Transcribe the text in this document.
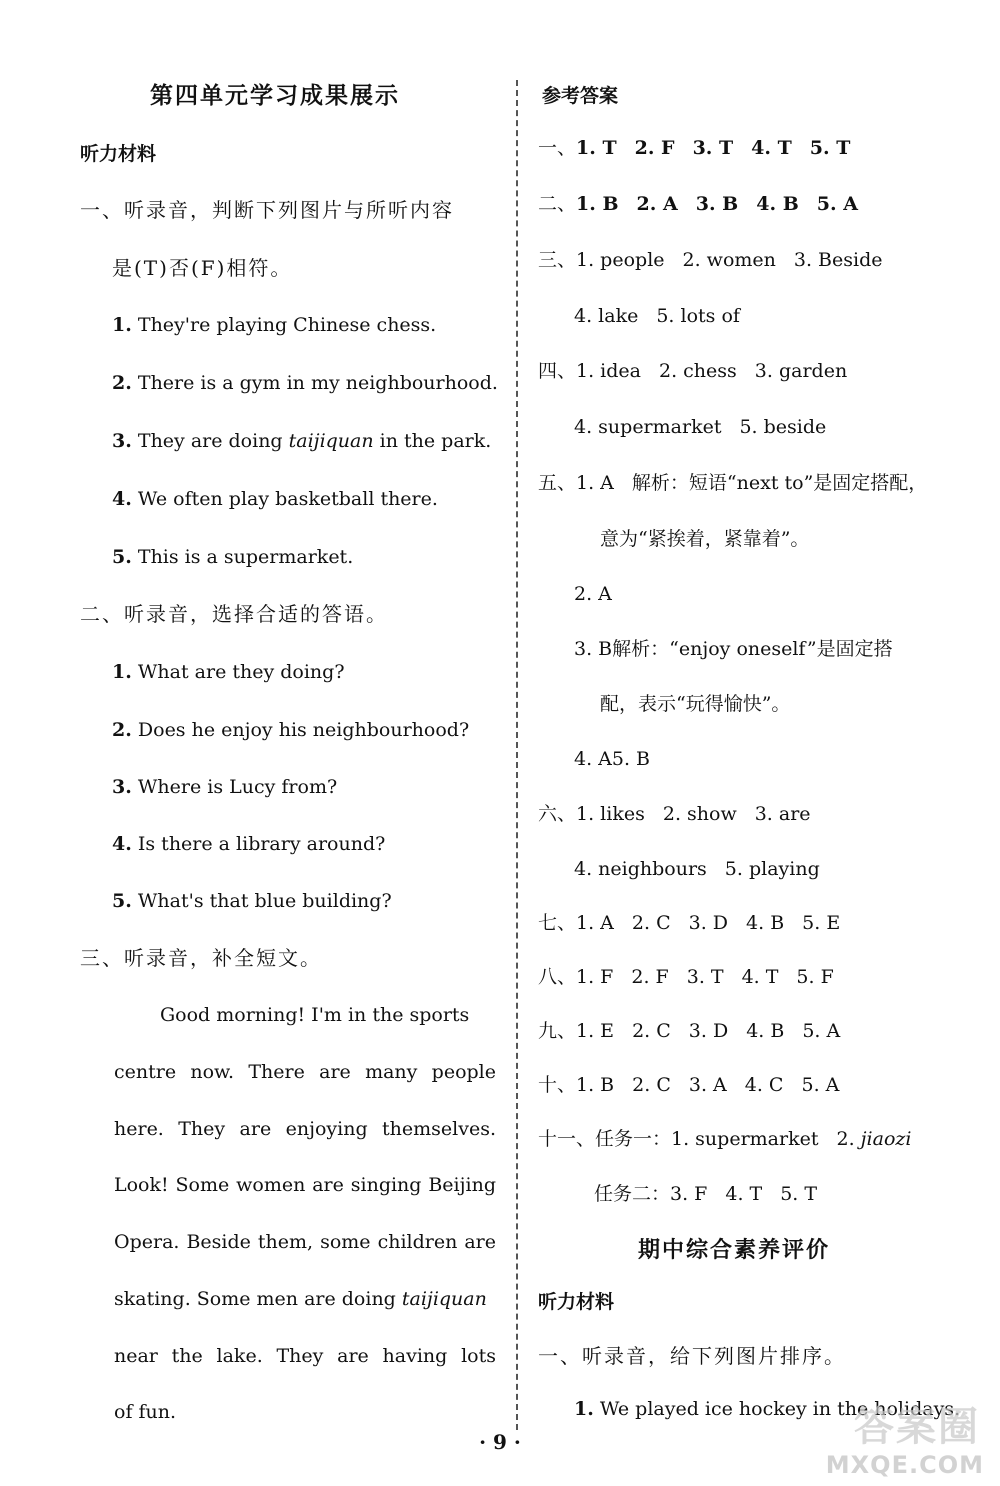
第四单元学习成果展示
听力材料
一、听录音，判断下列图片与所听内容
是(T)否(F)相符。
1. They're playing Chinese chess.
2. There is a gym in my neighbourhood.
3. They are doing taijiquan in the park.
4. We often play basketball there.
5. This is a supermarket.
二、听录音，选择合适的答语。
1. What are they doing?
2. Does he enjoy his neighbourhood?
3. Where is Lucy from?
4. Is there a library around?
5. What's that blue building?
三、听录音，补全短文。
Good morning! I'm in the sports
centre now. There are many people
here. They are enjoying themselves.
Look! Some women are singing Beijing
Opera. Beside them, some children are
skating. Some men are doing taijiquan
near the lake. They are having lots
of fun.
参考答案
一、1. T 2. F 3. T 4. T 5. T
二、1. B 2. A 3. B 4. B 5. A
三、1. people 2. women 3. Beside
4. lake 5. lots of
四、1. idea 2. chess 3. garden
4. supermarket 5. beside
五、1. A 解析：短语“next to”是固定搭配，
意为“紧挨着，紧靠着”。
2. A
3. B解析：“enjoy oneself”是固定搭
配，表示“玩得愉快”。
4. A5. B
六、1. likes 2. show 3. are
4. neighbours 5. playing
七、1. A 2. C 3. D 4. B 5. E
八、1. F 2. F 3. T 4. T 5. F
九、1. E 2. C 3. D 4. B 5. A
十、1. B 2. C 3. A 4. C 5. A
十一、任务一：1. supermarket 2. jiaozi
任务二：3. F 4. T 5. T
期中综合素养评价
听力材料
一、听录音，给下列图片排序。
1. We played ice hockey in the holidays.
· 9 ·	答案圈
MXQE.COM
